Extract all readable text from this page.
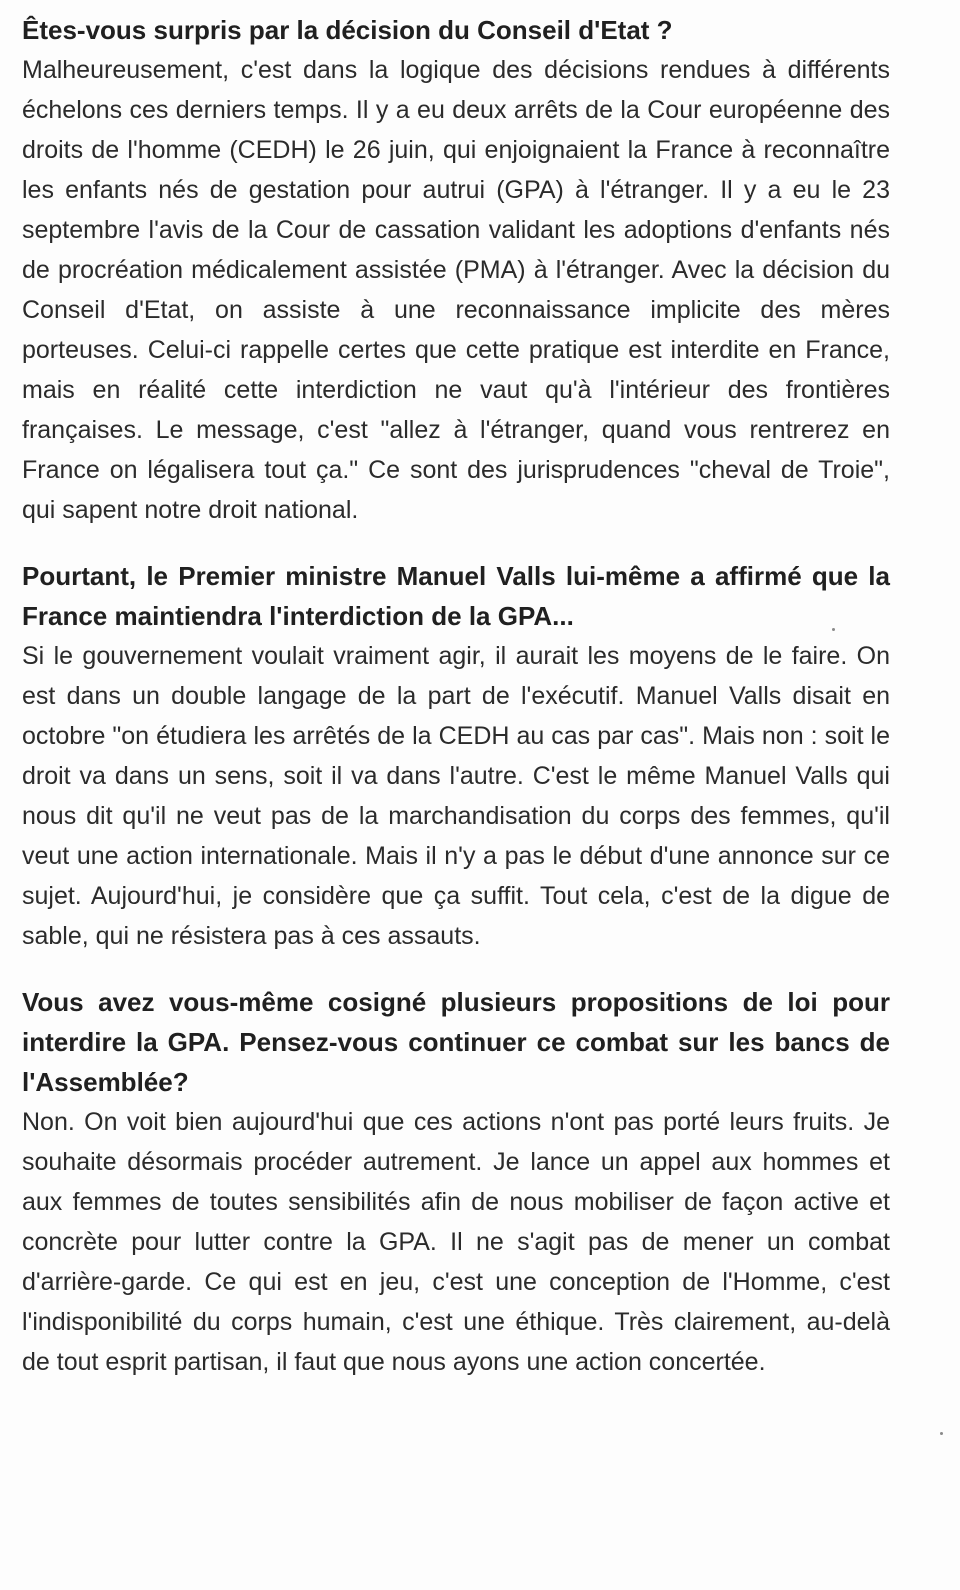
Êtes-vous surpris par la décision du Conseil d'Etat ?

Malheureusement, c'est dans la logique des décisions rendues à différents échelons ces derniers temps. Il y a eu deux arrêts de la Cour européenne des droits de l'homme (CEDH) le 26 juin, qui enjoignaient la France à reconnaître les enfants nés de gestation pour autrui (GPA) à l'étranger. Il y a eu le 23 septembre l'avis de la Cour de cassation validant les adoptions d'enfants nés de procréation médicalement assistée (PMA) à l'étranger. Avec la décision du Conseil d'Etat, on assiste à une reconnaissance implicite des mères porteuses. Celui-ci rappelle certes que cette pratique est interdite en France, mais en réalité cette interdiction ne vaut qu'à l'intérieur des frontières françaises. Le message, c'est "allez à l'étranger, quand vous rentrerez en France on légalisera tout ça." Ce sont des jurisprudences "cheval de Troie", qui sapent notre droit national.

Pourtant, le Premier ministre Manuel Valls lui-même a affirmé que la France maintiendra l'interdiction de la GPA...

Si le gouvernement voulait vraiment agir, il aurait les moyens de le faire. On est dans un double langage de la part de l'exécutif. Manuel Valls disait en octobre "on étudiera les arrêtés de la CEDH au cas par cas". Mais non : soit le droit va dans un sens, soit il va dans l'autre. C'est le même Manuel Valls qui nous dit qu'il ne veut pas de la marchandisation du corps des femmes, qu'il veut une action internationale. Mais il n'y a pas le début d'une annonce sur ce sujet. Aujourd'hui, je considère que ça suffit. Tout cela, c'est de la digue de sable, qui ne résistera pas à ces assauts.

Vous avez vous-même cosigné plusieurs propositions de loi pour interdire la GPA. Pensez-vous continuer ce combat sur les bancs de l'Assemblée?

Non. On voit bien aujourd'hui que ces actions n'ont pas porté leurs fruits. Je souhaite désormais procéder autrement. Je lance un appel aux hommes et aux femmes de toutes sensibilités afin de nous mobiliser de façon active et concrète pour lutter contre la GPA. Il ne s'agit pas de mener un combat d'arrière-garde. Ce qui est en jeu, c'est une conception de l'Homme, c'est l'indisponibilité du corps humain, c'est une éthique. Très clairement, au-delà de tout esprit partisan, il faut que nous ayons une action concertée.
